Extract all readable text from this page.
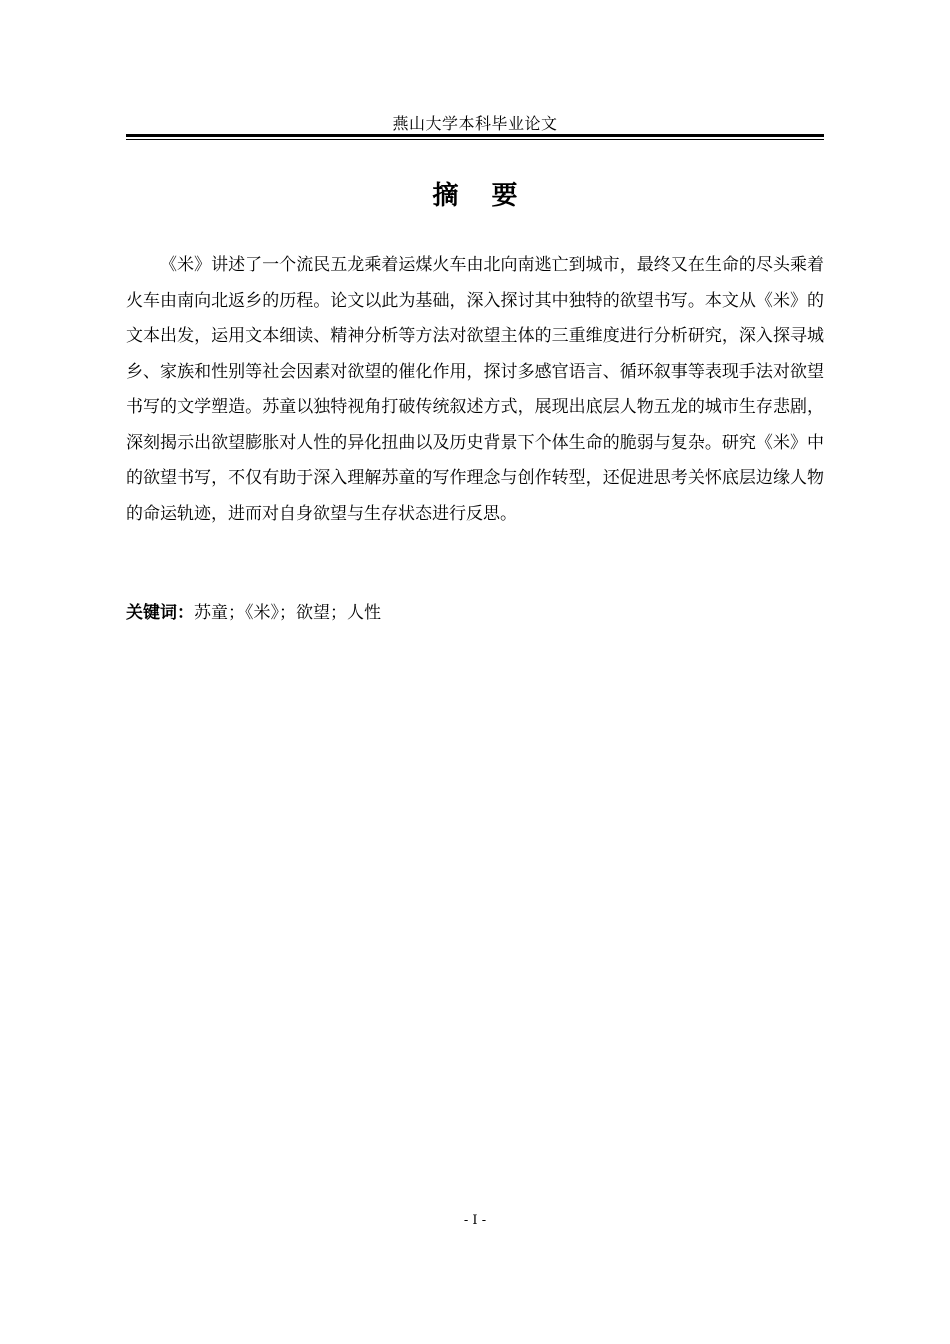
燕山大学本科毕业论文
摘 要

《米》讲述了一个流民五龙乘着运煤火车由北向南逃亡到城市，最终又在生命的尽头乘着火车由南向北返乡的历程。论文以此为基础，深入探讨其中独特的欲望书写。本文从《米》的文本出发，运用文本细读、精神分析等方法对欲望主体的三重维度进行分析研究，深入探寻城乡、家族和性别等社会因素对欲望的催化作用，探讨多感官语言、循环叙事等表现手法对欲望书写的文学塑造。苏童以独特视角打破传统叙述方式，展现出底层人物五龙的城市生存悲剧，深刻揭示出欲望膨胀对人性的异化扭曲以及历史背景下个体生命的脆弱与复杂。研究《米》中的欲望书写，不仅有助于深入理解苏童的写作理念与创作转型，还促进思考关怀底层边缘人物的命运轨迹，进而对自身欲望与生存状态进行反思。

关键词：苏童；《米》；欲望；人性
- I -
